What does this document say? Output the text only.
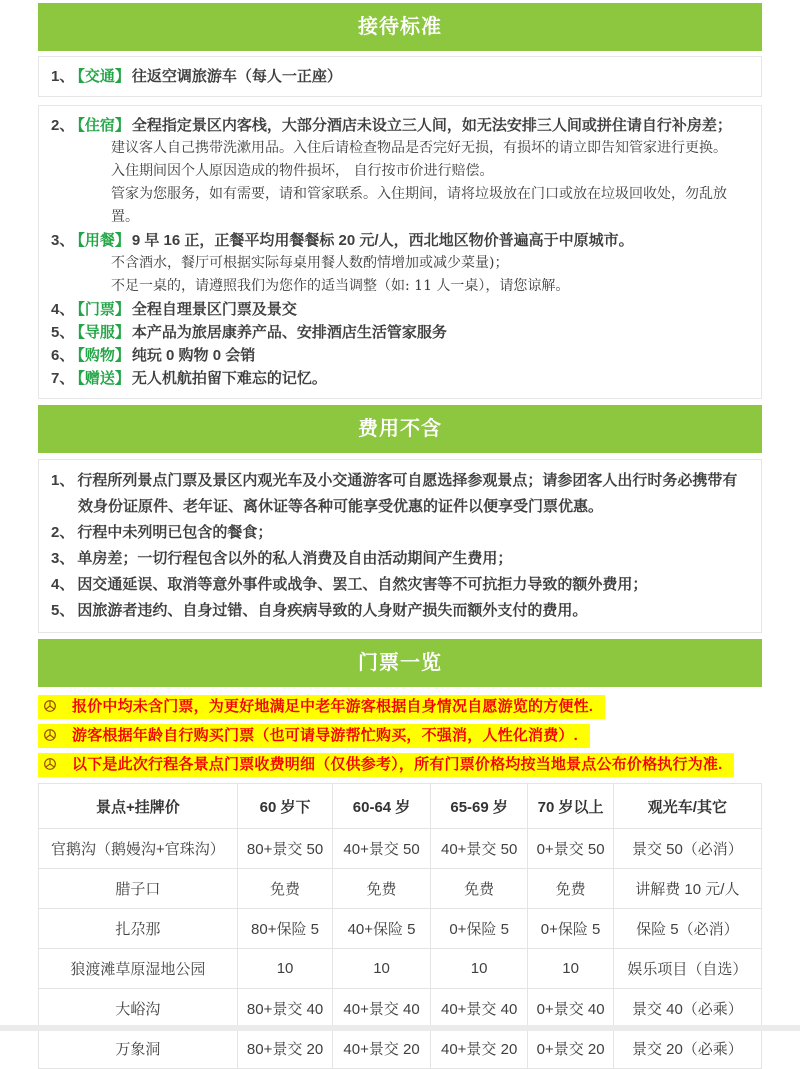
接待标准
1、 【交通】 往返空调旅游车（每人一正座）
2、 【住宿】 全程指定景区内客栈，大部分酒店未设立三人间，如无法安排三人间或拼住请自行补房差；
建议客人自己携带洗漱用品。入住后请检查物品是否完好无损，有损坏的请立即告知管家进行更换。
入住期间因个人原因造成的物件损坏， 自行按市价进行赔偿。
管家为您服务，如有需要，请和管家联系。入住期间，请将垃圾放在门口或放在垃圾回收处，勿乱放置。
3、 【用餐】 9 早 16 正，正餐平均用餐餐标 20 元/人，西北地区物价普遍高于中原城市。
不含酒水，餐厅可根据实际每桌用餐人数酌情增加或减少菜量)；
不足一桌的，请遵照我们为您作的适当调整（如: 11 人一桌），请您谅解。
4、 【门票】 全程自理景区门票及景交
5、 【导服】 本产品为旅居康养产品、安排酒店生活管家服务
6、 【购物】 纯玩 0 购物 0 会销
7、 【赠送】 无人机航拍留下难忘的记忆。
费用不含
1、 行程所列景点门票及景区内观光车及小交通游客可自愿选择参观景点；请参团客人出行时务必携带有效身份证原件、老年证、离休证等各种可能享受优惠的证件以便享受门票优惠。
2、 行程中未列明已包含的餐食；
3、 单房差；一切行程包含以外的私人消费及自由活动期间产生费用；
4、 因交通延误、取消等意外事件或战争、罢工、自然灾害等不可抗拒力导致的额外费用；
5、 因旅游者违约、自身过错、自身疾病导致的人身财产损失而额外支付的费用。
门票一览
报价中均未含门票，为更好地满足中老年游客根据自身情况自愿游览的方便性.
游客根据年龄自行购买门票（也可请导游帮忙购买，不强消，人性化消费）.
以下是此次行程各景点门票收费明细（仅供参考），所有门票价格均按当地景点公布价格执行为准.
景点+挂牌价	60 岁下	60-64 岁	65-69 岁	70 岁以上	观光车/其它
官鹅沟（鹅嫚沟+官珠沟）	80+景交 50	40+景交 50	40+景交 50	0+景交 50	景交 50（必消）
腊子口	免费	免费	免费	免费	讲解费 10 元/人
扎尕那	80+保险 5	40+保险 5	0+保险 5	0+保险 5	保险 5（必消）
狼渡滩草原湿地公园	10	10	10	10	娱乐项目（自选）
大峪沟	80+景交 40	40+景交 40	40+景交 40	0+景交 40	景交 40（必乘）
万象洞	80+景交 20	40+景交 20	40+景交 20	0+景交 20	景交 20（必乘）
